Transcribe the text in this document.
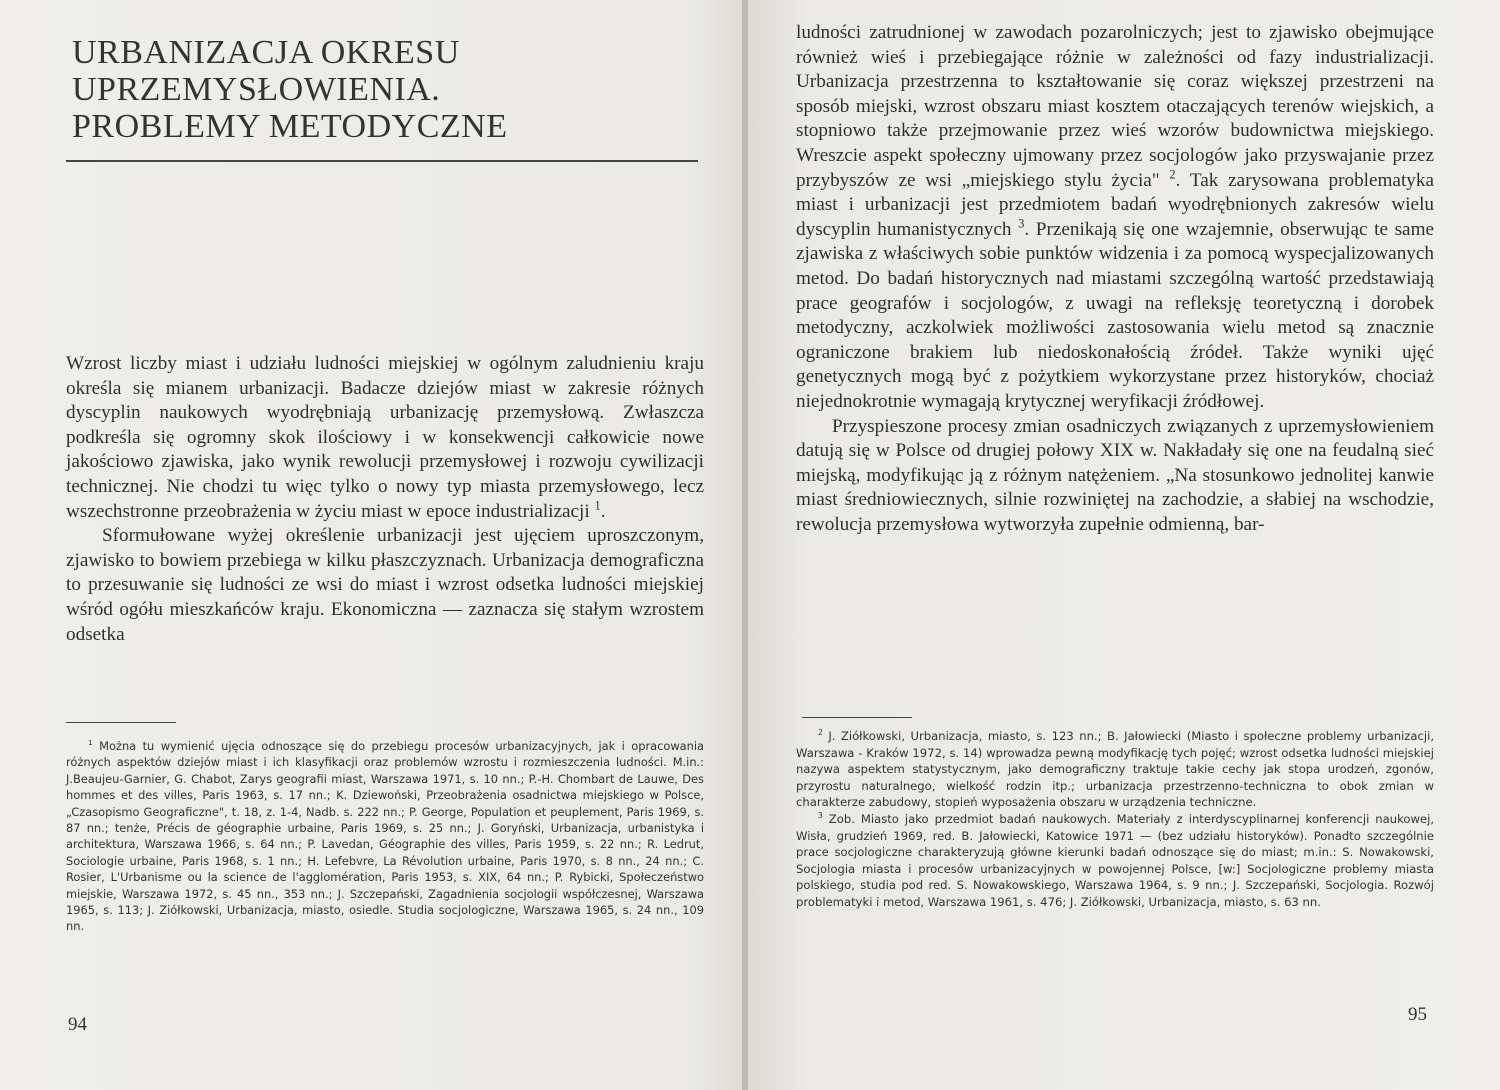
URBANIZACJA OKRESU
UPRZEMYSŁOWIENIA.
PROBLEMY METODYCZNE

Wzrost liczby miast i udziału ludności miejskiej w ogólnym zaludnieniu kraju określa się mianem urbanizacji. Badacze dziejów miast w zakresie różnych dyscyplin naukowych wyodrębniają urbanizację przemysłową. Zwłaszcza podkreśla się ogromny skok ilościowy i w konsekwencji całkowicie nowe jakościowo zjawiska, jako wynik rewolucji przemysłowej i rozwoju cywilizacji technicznej. Nie chodzi tu więc tylko o nowy typ miasta przemysłowego, lecz wszechstronne przeobrażenia w życiu miast w epoce industrializacji $^1$.

Sformułowane wyżej określenie urbanizacji jest ujęciem uproszczonym, zjawisko to bowiem przebiega w kilku płaszczyznach. Urbanizacja demograficzna to przesuwanie się ludności ze wsi do miast i wzrost odsetka ludności miejskiej wśród ogółu mieszkańców kraju. Ekonomiczna — zaznacza się stałym wzrostem odsetka

$^1$ Można tu wymienić ujęcia odnoszące się do przebiegu procesów urbanizacyjnych, jak i opracowania różnych aspektów dziejów miast i ich klasyfikacji oraz problemów wzrostu i rozmieszczenia ludności. M.in.: J.Beaujeu-Garnier, G. Chabot, Zarys geografii miast, Warszawa 1971, s. 10 nn.; P.-H. Chombart de Lauwe, Des hommes et des villes, Paris 1963, s. 17 nn.; K. Dziewoński, Przeobrażenia osadnictwa miejskiego w Polsce, „Czasopismo Geograficzne", t. 18, z. 1-4, Nadb. s. 222 nn.; P. George, Population et peuplement, Paris 1969, s. 87 nn.; tenże, Précis de géographie urbaine, Paris 1969, s. 25 nn.; J. Goryński, Urbanizacja, urbanistyka i architektura, Warszawa 1966, s. 64 nn.; P. Lavedan, Géographie des villes, Paris 1959, s. 22 nn.; R. Ledrut, Sociologie urbaine, Paris 1968, s. 1 nn.; H. Lefebvre, La Révolution urbaine, Paris 1970, s. 8 nn., 24 nn.; C. Rosier, L'Urbanisme ou la science de l'agglomération, Paris 1953, s. XIX, 64 nn.; P. Rybicki, Społeczeństwo miejskie, Warszawa 1972, s. 45 nn., 353 nn.; J. Szczepański, Zagadnienia socjologii współczesnej, Warszawa 1965, s. 113; J. Ziółkowski, Urbanizacja, miasto, osiedle. Studia socjologiczne, Warszawa 1965, s. 24 nn., 109 nn.

94

ludności zatrudnionej w zawodach pozarolniczych; jest to zjawisko obejmujące również wieś i przebiegające różnie w zależności od fazy industrializacji. Urbanizacja przestrzenna to kształtowanie się coraz większej przestrzeni na sposób miejski, wzrost obszaru miast kosztem otaczających terenów wiejskich, a stopniowo także przejmowanie przez wieś wzorów budownictwa miejskiego. Wreszcie aspekt społeczny ujmowany przez socjologów jako przyswajanie przez przybyszów ze wsi „miejskiego stylu życia" $^2$. Tak zarysowana problematyka miast i urbanizacji jest przedmiotem badań wyodrębnionych zakresów wielu dyscyplin humanistycznych $^3$. Przenikają się one wzajemnie, obserwując te same zjawiska z właściwych sobie punktów widzenia i za pomocą wyspecjalizowanych metod. Do badań historycznych nad miastami szczególną wartość przedstawiają prace geografów i socjologów, z uwagi na refleksję teoretyczną i dorobek metodyczny, aczkolwiek możliwości zastosowania wielu metod są znacznie ograniczone brakiem lub niedoskonałością źródeł. Także wyniki ujęć genetycznych mogą być z pożytkiem wykorzystane przez historyków, chociaż niejednokrotnie wymagają krytycznej weryfikacji źródłowej.

Przyspieszone procesy zmian osadniczych związanych z uprzemysłowieniem datują się w Polsce od drugiej połowy XIX w. Nakładały się one na feudalną sieć miejską, modyfikując ją z różnym natężeniem. „Na stosunkowo jednolitej kanwie miast średniowiecznych, silnie rozwiniętej na zachodzie, a słabiej na wschodzie, rewolucja przemysłowa wytworzyła zupełnie odmienną, bar-

$^2$ J. Ziółkowski, Urbanizacja, miasto, s. 123 nn.; B. Jałowiecki (Miasto i społeczne problemy urbanizacji, Warszawa - Kraków 1972, s. 14) wprowadza pewną modyfikację tych pojęć; wzrost odsetka ludności miejskiej nazywa aspektem statystycznym, jako demograficzny traktuje takie cechy jak stopa urodzeń, zgonów, przyrostu naturalnego, wielkość rodzin itp.; urbanizacja przestrzenno-techniczna to obok zmian w charakterze zabudowy, stopień wyposażenia obszaru w urządzenia techniczne.

$^3$ Zob. Miasto jako przedmiot badań naukowych. Materiały z interdyscyplinarnej konferencji naukowej, Wisła, grudzień 1969, red. B. Jałowiecki, Katowice 1971 — (bez udziału historyków). Ponadto szczególnie prace socjologiczne charakteryzują główne kierunki badań odnoszące się do miast; m.in.: S. Nowakowski, Socjologia miasta i procesów urbanizacyjnych w powojennej Polsce, [w:] Socjologiczne problemy miasta polskiego, studia pod red. S. Nowakowskiego, Warszawa 1964, s. 9 nn.; J. Szczepański, Socjologia. Rozwój problematyki i metod, Warszawa 1961, s. 476; J. Ziółkowski, Urbanizacja, miasto, s. 63 nn.

95
